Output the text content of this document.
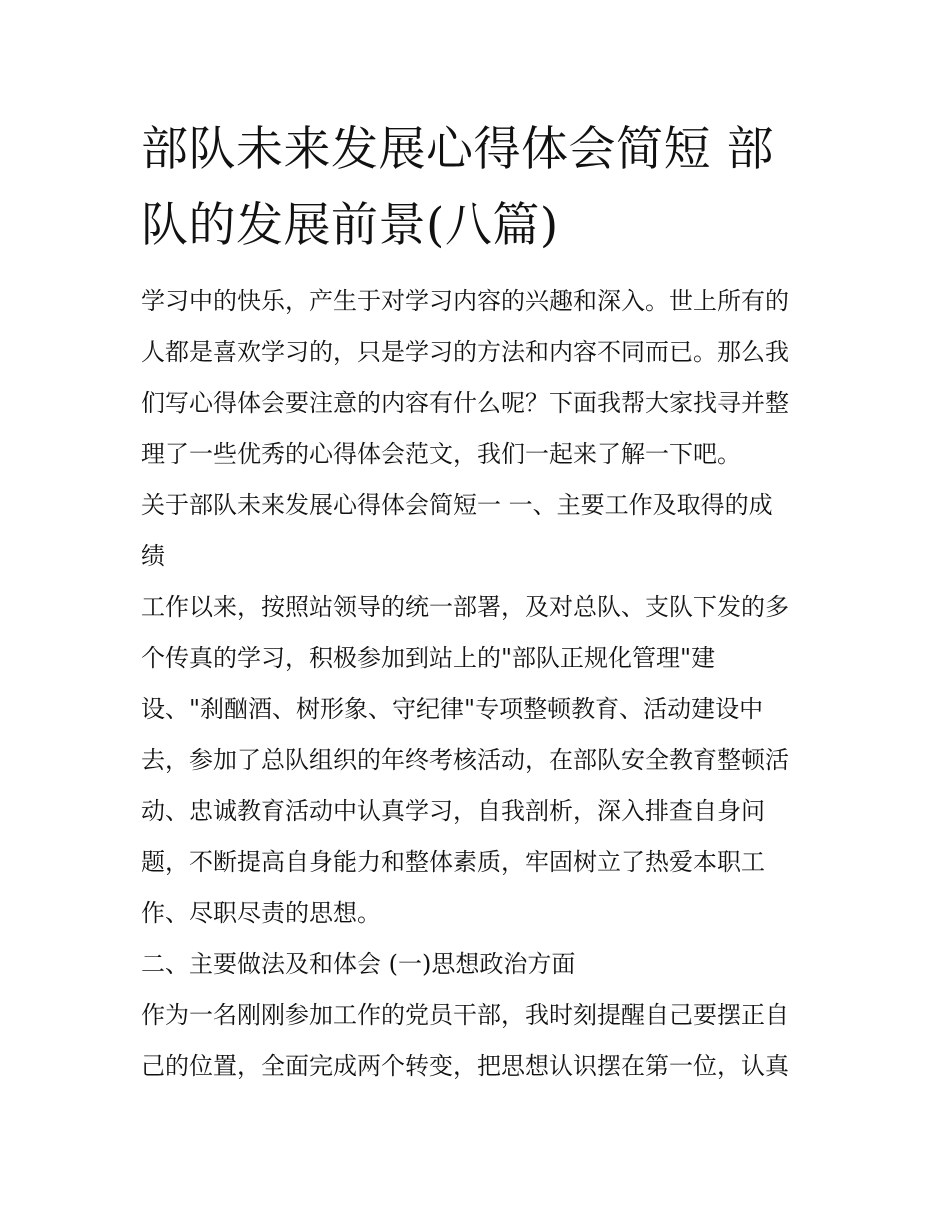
部队未来发展心得体会简短 部
队的发展前景(八篇)

学习中的快乐，产生于对学习内容的兴趣和深入。世上所有的

人都是喜欢学习的，只是学习的方法和内容不同而已。那么我

们写心得体会要注意的内容有什么呢？下面我帮大家找寻并整

理了一些优秀的心得体会范文，我们一起来了解一下吧。

关于部队未来发展心得体会简短一 一、主要工作及取得的成

绩

工作以来，按照站领导的统一部署，及对总队、支队下发的多

个传真的学习，积极参加到站上的"部队正规化管理"建

设、"刹酗酒、树形象、守纪律"专项整顿教育、活动建设中

去，参加了总队组织的年终考核活动，在部队安全教育整顿活

动、忠诚教育活动中认真学习，自我剖析，深入排查自身问

题，不断提高自身能力和整体素质，牢固树立了热爱本职工

作、尽职尽责的思想。

二、主要做法及和体会 (一)思想政治方面

作为一名刚刚参加工作的党员干部，我时刻提醒自己要摆正自

己的位置，全面完成两个转变，把思想认识摆在第一位，认真
